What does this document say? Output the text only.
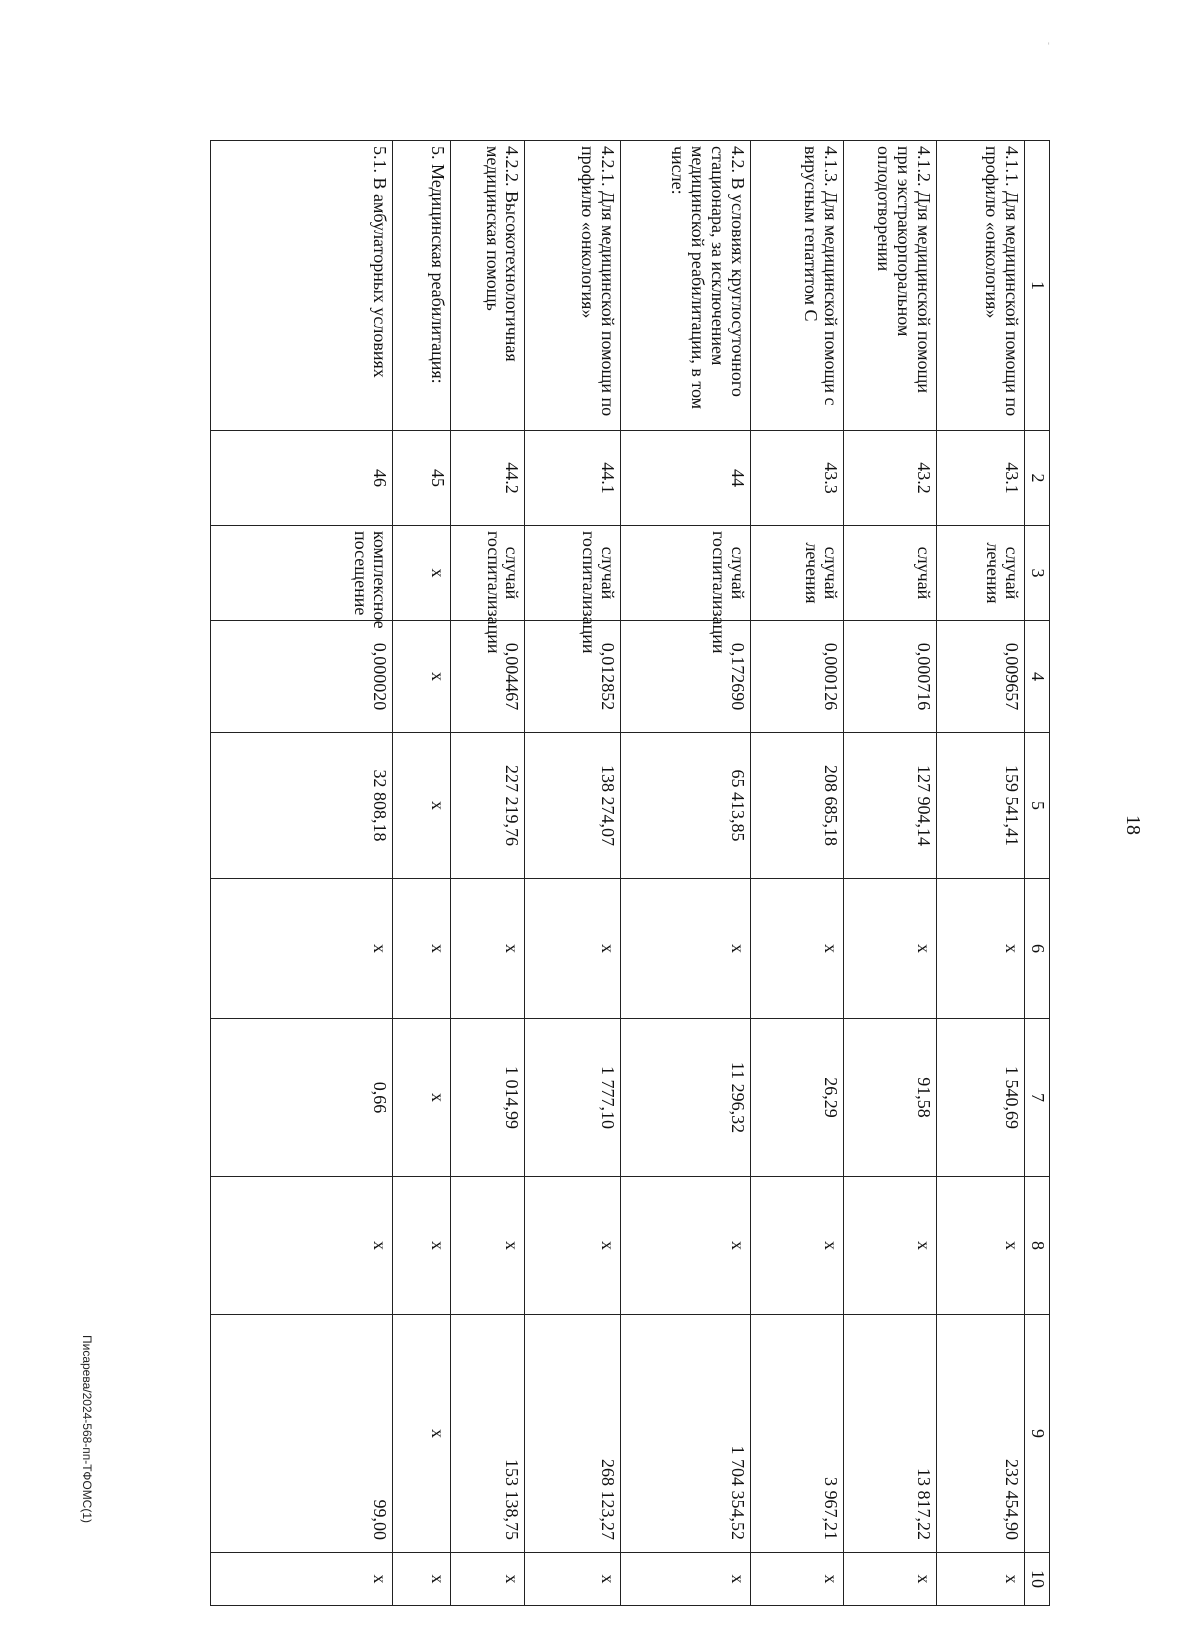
-
18
1	2	3	4	5	6	7	8	9	10
4.1.1. Для медицинской помощи по профилю «онкология»	43.1	случай лечения	0,009657	159 541,41	х	1 540,69	х	232 454,90	х
4.1.2. Для медицинской помощи при экстракорпоральном оплодотворении	43.2	случай	0,000716	127 904,14	х	91,58	х	13 817,22	х
4.1.3. Для медицинской помощи с вирусным гепатитом С	43.3	случай лечения	0,000126	208 685,18	х	26,29	х	3 967,21	х
4.2. В условиях круглосуточного стационара, за исключением медицинской реабилитации, в том числе:	44	случай госпитализации	0,172690	65 413,85	х	11 296,32	х	1 704 354,52	х
4.2.1. Для медицинской помощи по профилю «онкология»	44.1	случай госпитализации	0,012852	138 274,07	х	1 777,10	х	268 123,27	х
4.2.2. Высокотехнологичная медицинская помощь	44.2	случай госпитализации	0,004467	227 219,76	х	1 014,99	х	153 138,75	х
5. Медицинская реабилитация:	45	х	х	х	х	х	х	х	х
5.1. В амбулаторных условиях	46	комплексное посещение	0,000020	32 808,18	х	0,66	х	99,00	х
Писарева/2024-568-пп-ТФОМС(1)
